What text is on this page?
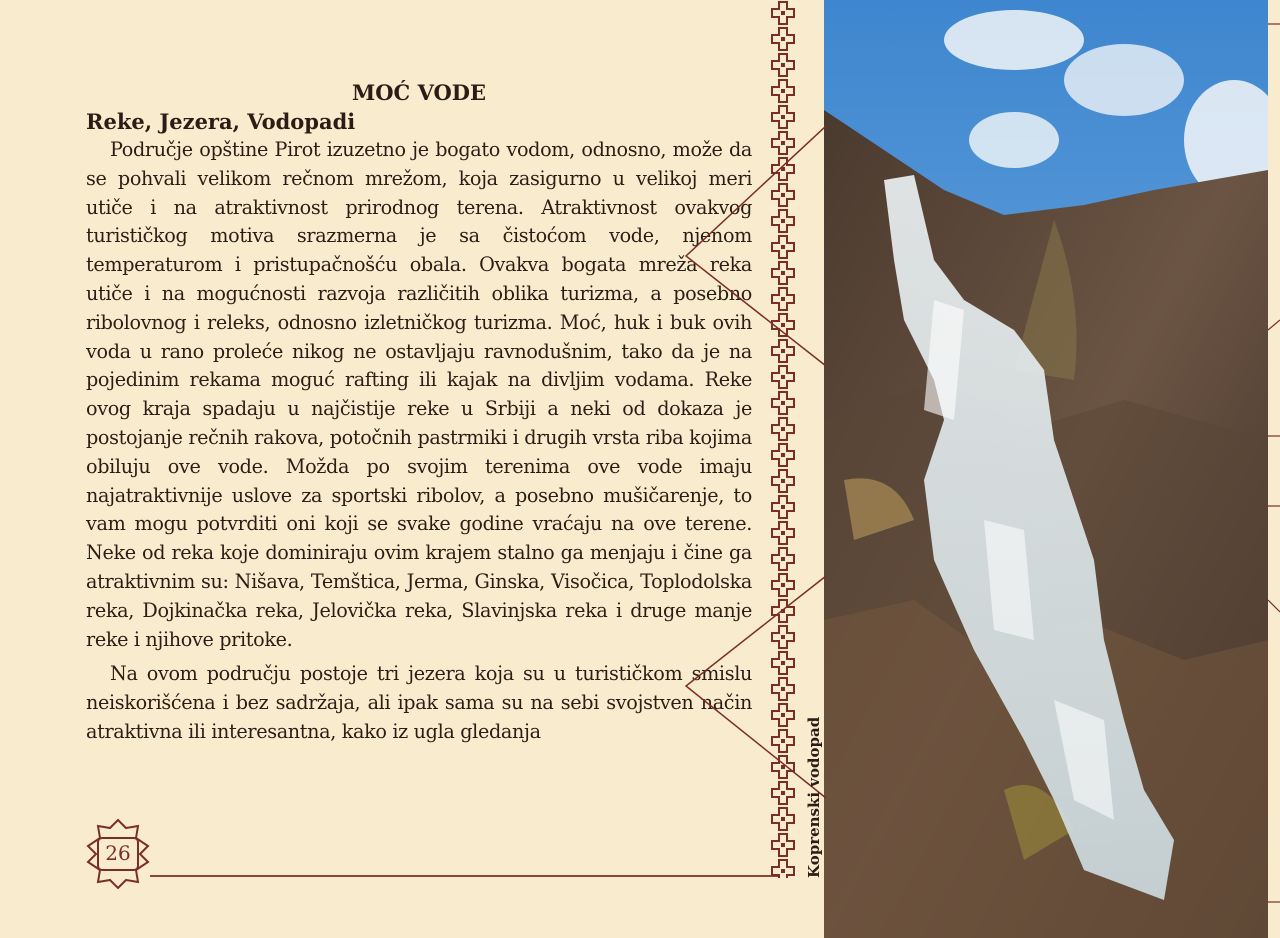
MOĆ VODE
Reke, Jezera, Vodopadi

Područje opštine Pirot izuzetno je bogato vodom, odnosno, može da se pohvali velikom rečnom mrežom, koja zasigurno u velikoj meri utiče i na atraktivnost prirodnog terena. Atraktivnost ovakvog turističkog motiva srazmerna je sa čistoćom vode, njenom temperaturom i pristupačnošću obala. Ovakva bogata mreža reka utiče i na mogućnosti razvoja različitih oblika turizma, a posebno ribolovnog i releks, odnosno izletničkog turizma. Moć, huk i buk ovih voda u rano proleće nikog ne ostavljaju ravnodušnim, tako da je na pojedinim rekama moguć rafting ili kajak na divljim vodama. Reke ovog kraja spadaju u najčistije reke u Srbiji a neki od dokaza je postojanje rečnih rakova, potočnih pastrmiki i drugih vrsta riba kojima obiluju ove vode. Možda po svojim terenima ove vode imaju najatraktivnije uslove za sportski ribolov, a posebno mušičarenje, to vam mogu potvrditi oni koji se svake godine vraćaju na ove terene. Neke od reka koje dominiraju ovim krajem stalno ga menjaju i čine ga atraktivnim su: Nišava, Temštica, Jerma, Ginska, Visočica, Toplodolska reka, Dojkinačka reka, Jelovička reka, Slavinjska reka i druge manje reke i njihove pritoke.

Na ovom području postoje tri jezera koja su u turističkom smislu neiskorišćena i bez sadržaja, ali ipak sama su na sebi svojstven način atraktivna ili interesantna, kako iz ugla gledanja	Koprenski vodopad
26
